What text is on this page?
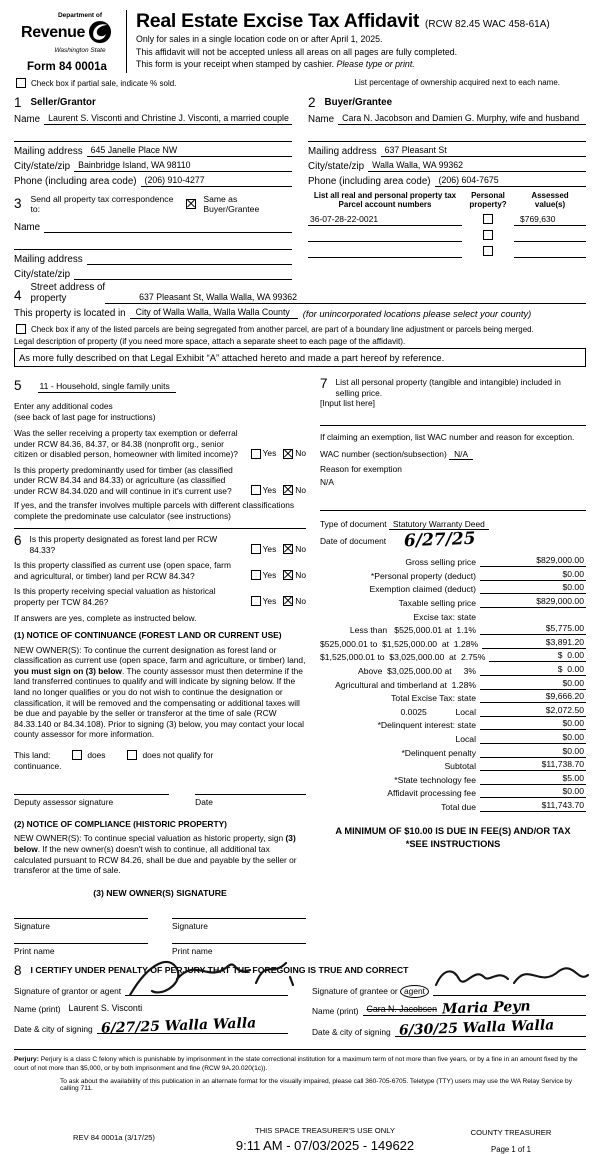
Department of
Revenue
Washington State
Form 84 0001a
Real Estate Excise Tax Affidavit (RCW 82.45 WAC 458-61A)
Only for sales in a single location code on or after April 1, 2025.
This affidavit will not be accepted unless all areas on all pages are fully completed.
This form is your receipt when stamped by cashier. Please type or print.
Check box if partial sale, indicate % sold.	List percentage of ownership acquired next to each name.
1 Seller/Grantor
Name Laurent S. Visconti and Christine J. Visconti, a married couple
Mailing address 645 Janelle Place NW
City/state/zip Bainbridge Island, WA 98110
Phone (including area code) (206) 910-4277
2 Buyer/Grantee
Name Cara N. Jacobson and Damien G. Murphy, wife and husband
Mailing address 637 Pleasant St
City/state/zip Walla Walla, WA 99362
Phone (including area code) (206) 604-7675
3 Send all property tax correspondence to:
Same as Buyer/Grantee
Name
Mailing address
City/state/zip
List all real and personal property tax
Parcel account numbers
Personal
property?
Assessed
value(s)
36-07-28-22-0021	$769,630
4
Street address of
property	637 Pleasant St, Walla Walla, WA 99362
This property is located in	City of Walla Walla, Walla Walla County	(for unincorporated locations please select your county)
Check box if any of the listed parcels are being segregated from another parcel, are part of a boundary line adjustment or parcels being merged.
Legal description of property (if you need more space, attach a separate sheet to each page of the affidavit).
As more fully described on that Legal Exhibit “A” attached hereto and made a part hereof by reference.
5 11 - Household, single family units
Enter any additional codes
(see back of last page for instructions)
Was the seller receiving a property tax exemption or deferral under RCW 84.36, 84.37, or 84.38 (nonprofit org., senior citizen or disabled person, homeowner with limited income)?	Yes No
Is this property predominantly used for timber (as classified under RCW 84.34 and 84.33) or agriculture (as classified under RCW 84.34.020 and will continue in it's current use?	Yes No
If yes, and the transfer involves multiple parcels with different classifications complete the predominate use calculator (see instructions)
6 Is this property designated as forest land per RCW 84.33?	Yes No
Is this property classified as current use (open space, farm and agricultural, or timber) land per RCW 84.34?	Yes No
Is this property receiving special valuation as historical property per TCW 84.26?	Yes No
If answers are yes, complete as instructed below.
(1) NOTICE OF CONTINUANCE (FOREST LAND OR CURRENT USE)
NEW OWNER(S): To continue the current designation as forest land or classification as current use (open space, farm and agriculture, or timber) land, you must sign on (3) below. The county assessor must then determine if the land transferred continues to qualify and will indicate by signing below. If the land no longer qualifies or you do not wish to continue the designation or classification, it will be removed and the compensating or additional taxes will be due and payable by the seller or transferor at the time of sale (RCW 84.33.140 or 84.34.108). Prior to signing (3) below, you may contact your local county assessor for more information.
This land:	does	does not qualify for
continuance.
Deputy assessor signature	Date
(2) NOTICE OF COMPLIANCE (HISTORIC PROPERTY)
NEW OWNER(S): To continue special valuation as historic property, sign (3) below. If the new owner(s) doesn't wish to continue, all additional tax calculated pursuant to RCW 84.26, shall be due and payable by the seller or transferor at the time of sale.
(3) NEW OWNER(S) SIGNATURE
Signature	Signature
Print name	Print name
7 List all personal property (tangible and intangible) included in selling price.
[Input list here]
If claiming an exemption, list WAC number and reason for exception.
WAC number (section/subsection) N/A
Reason for exemption
N/A
Type of document Statutory Warranty Deed
Date of document 6/27/25
Gross selling price	$829,000.00
*Personal property (deduct)	$0.00
Exemption claimed (deduct)	$0.00
Taxable selling price	$829,000.00
Excise tax: state
Less than   $525,000.01 at  1.1%	$5,775.00
$525,000.01 to  $1,525,000.00  at  1.28%	$3,891.20
$1,525,000.01 to  $3,025,000.00  at  2.75%	$  0.00
Above  $3,025,000.00 at     3%	$  0.00
Agricultural and timberland at  1.28%	$0.00
Total Excise Tax: state	$9,666.20
0.0025            Local	$2,072.50
*Delinquent interest: state	$0.00
Local	$0.00
*Delinquent penalty	$0.00
Subtotal	$11,738.70
*State technology fee	$5.00
Affidavit processing fee	$0.00
Total due	$11,743.70
A MINIMUM OF $10.00 IS DUE IN FEE(S) AND/OR TAX
*SEE INSTRUCTIONS
8 I CERTIFY UNDER PENALTY OF PERJURY THAT THE FOREGOING IS TRUE AND CORRECT
Signature of grantor or agent
Name (print) Laurent S. Visconti
Date & city of signing 6/27/25 Walla Walla
Signature of grantee or agent
Name (print) Cara N. Jacobsen Maria Peyn
Date & city of signing 6/30/25 Walla Walla
Perjury: Perjury is a class C felony which is punishable by imprisonment in the state correctional institution for a maximum term of not more than five years, or by a fine in an amount fixed by the court of not more than $5,000, or by both imprisonment and fine (RCW 9A.20.020(1c)).
To ask about the availability of this publication in an alternate format for the visually impaired, please call 360-705-6705. Teletype (TTY) users may use the WA Relay Service by calling 711.
REV 84 0001a (3/17/25)
THIS SPACE TREASURER'S USE ONLY
9:11 AM - 07/03/2025 - 149622
COUNTY TREASURER
Page 1 of 1
